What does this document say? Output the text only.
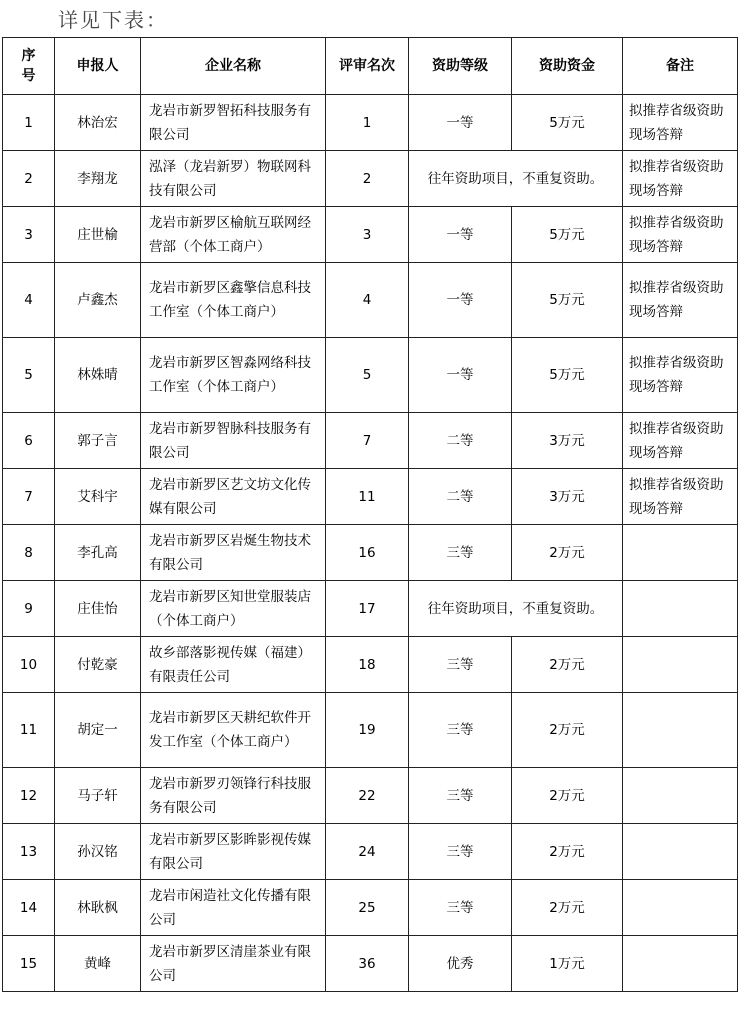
详见下表：
序号	申报人	企业名称	评审名次	资助等级	资助资金	备注
1	林治宏	龙岩市新罗智拓科技服务有限公司	1	一等	5万元	拟推荐省级资助现场答辩
2	李翔龙	泓泽（龙岩新罗）物联网科技有限公司	2	往年资助项目，不重复资助。		拟推荐省级资助现场答辩
3	庄世榆	龙岩市新罗区榆航互联网经营部（个体工商户）	3	一等	5万元	拟推荐省级资助现场答辩
4	卢鑫杰	龙岩市新罗区鑫擎信息科技工作室（个体工商户）	4	一等	5万元	拟推荐省级资助现场答辩
5	林姝晴	龙岩市新罗区智淼网络科技工作室（个体工商户）	5	一等	5万元	拟推荐省级资助现场答辩
6	郭子言	龙岩市新罗智脉科技服务有限公司	7	二等	3万元	拟推荐省级资助现场答辩
7	艾科宇	龙岩市新罗区艺文坊文化传媒有限公司	11	二等	3万元	拟推荐省级资助现场答辩
8	李孔高	龙岩市新罗区岩烻生物技术有限公司	16	三等	2万元	
9	庄佳怡	龙岩市新罗区知世堂服装店（个体工商户）	17	往年资助项目，不重复资助。		
10	付乾豪	故乡部落影视传媒（福建）有限责任公司	18	三等	2万元	
11	胡定一	龙岩市新罗区天耕纪软件开发工作室（个体工商户）	19	三等	2万元	
12	马子轩	龙岩市新罗刃领锋行科技服务有限公司	22	三等	2万元	
13	孙汉铭	龙岩市新罗区影眸影视传媒有限公司	24	三等	2万元	
14	林耿枫	龙岩市闲造社文化传播有限公司	25	三等	2万元	
15	黄峰	龙岩市新罗区清崖茶业有限公司	36	优秀	1万元	
